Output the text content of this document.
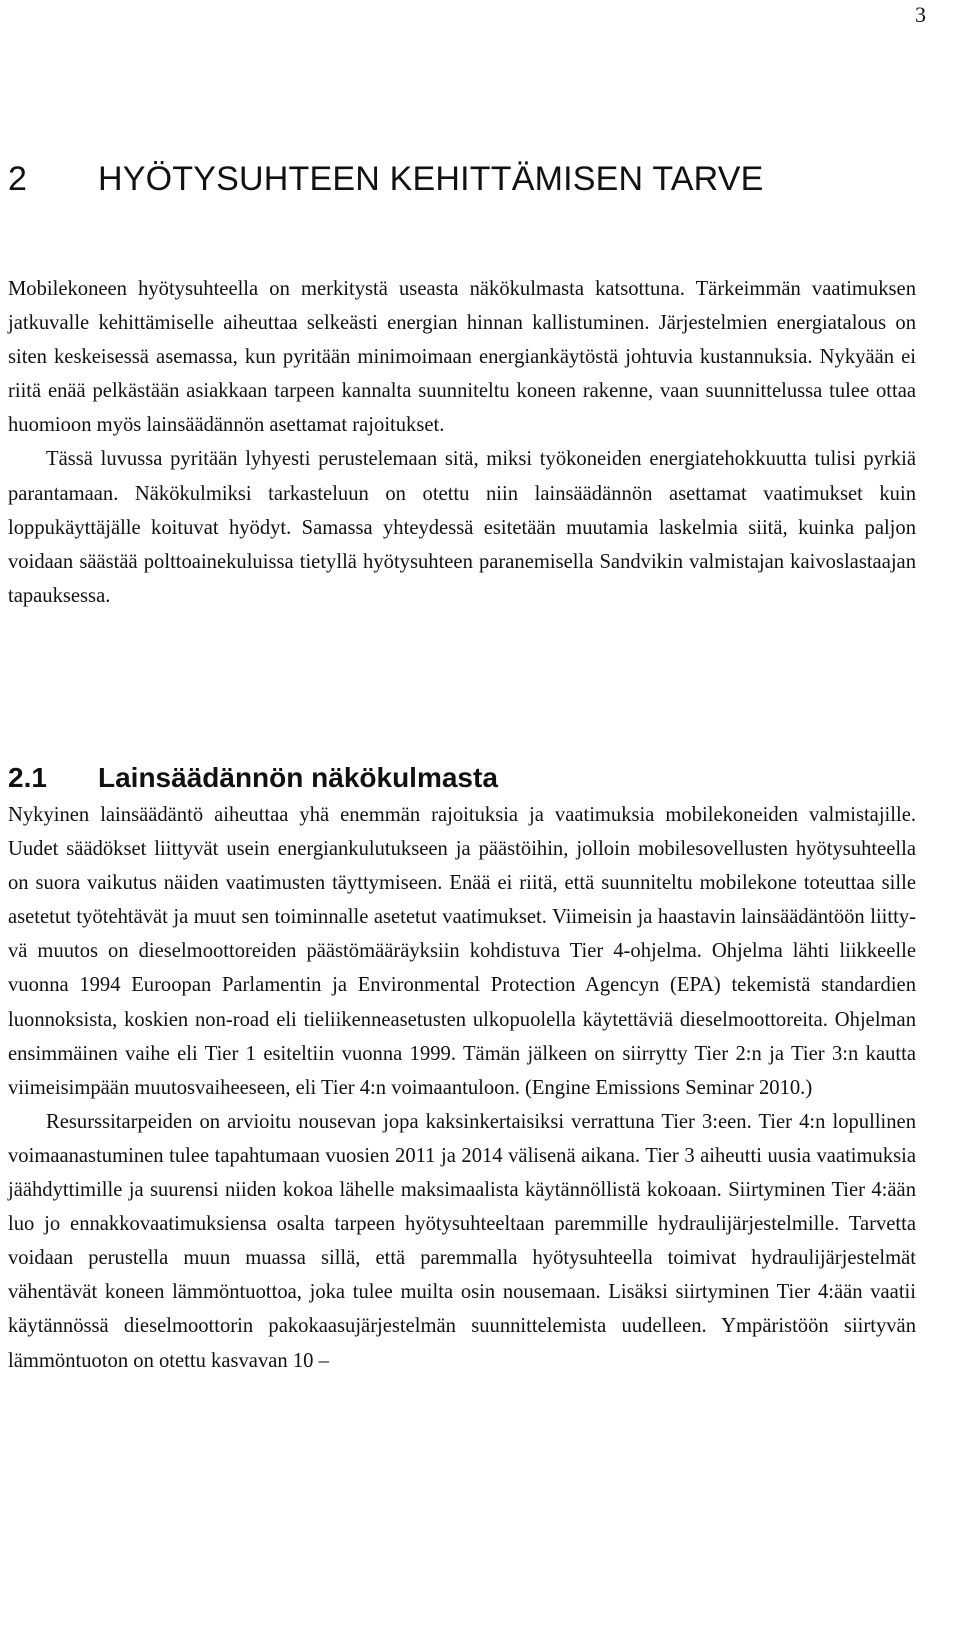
3

Mobilekoneen hyötysuhteella on merkitystä useasta näkökulmasta katsottuna. Tärkeimmän vaatimuksen jatkuvalle kehittämiselle aiheuttaa selkeästi energian hinnan kallistuminen. Järjestelmien energiatalous on siten keskeisessä asemassa, kun pyritään minimoimaan energiankäytöstä johtuvia kustannuksia. Nykyään ei riitä enää pelkästään asiakkaan tarpeen kannalta suunniteltu koneen rakenne, vaan suunnittelussa tulee ottaa huomioon myös lainsäädännön asettamat rajoitukset.

Tässä luvussa pyritään lyhyesti perustelemaan sitä, miksi työkoneiden energiatehokkuutta tulisi pyrkiä parantamaan. Näkökulmiksi tarkasteluun on otettu niin lainsäädännön asettamat vaatimukset kuin loppukäyttäjälle koituvat hyödyt. Samassa yhteydessä esitetään muutamia laskelmia siitä, kuinka paljon voidaan säästää polttoainekuluissa tietyllä hyötysuhteen paranemisella Sandvikin valmistajan kaivoslastaajan tapauksessa.

2	HYÖTYSUHTEEN KEHITTÄMISEN TARVE
2.1	Lainsäädännön näkökulmasta

Nykyinen lainsäädäntö aiheuttaa yhä enemmän rajoituksia ja vaatimuksia mobilekoneiden valmistajille. Uudet säädökset liittyvät usein energiankulutukseen ja päästöihin, jolloin mobilesovellusten hyötysuhteella on suora vaikutus näiden vaatimusten täyttymiseen. Enää ei riitä, että suunniteltu mobilekone toteuttaa sille asetetut työtehtävät ja muut sen toiminnalle asetetut vaatimukset. Viimeisin ja haastavin lainsäädäntöön liittyvä muutos on dieselmoottoreiden päästömääräyksiin kohdistuva Tier 4-ohjelma. Ohjelma lähti liikkeelle vuonna 1994 Euroopan Parlamentin ja Environmental Protection Agencyn (EPA) tekemistä standardien luonnoksista, koskien non-road eli tieliikenneasetusten ulkopuolella käytettäviä dieselmoottoreita. Ohjelman ensimmäinen vaihe eli Tier 1 esiteltiin vuonna 1999. Tämän jälkeen on siirrytty Tier 2:n ja Tier 3:n kautta viimeisimpään muutosvaiheeseen, eli Tier 4:n voimaantuloon. (Engine Emissions Seminar 2010.)

Resurssitarpeiden on arvioitu nousevan jopa kaksinkertaisiksi verrattuna Tier 3:een. Tier 4:n lopullinen voimaanastuminen tulee tapahtumaan vuosien 2011 ja 2014 välisenä aikana. Tier 3 aiheutti uusia vaatimuksia jäähdyttimille ja suurensi niiden kokoa lähelle maksimaalista käytännöllistä kokoaan. Siirtyminen Tier 4:ään luo jo ennakkovaatimuksiensa osalta tarpeen hyötysuhteeltaan paremmille hydraulijärjestelmille. Tarvetta voidaan perustella muun muassa sillä, että paremmalla hyötysuhteella toimivat hydraulijärjestelmät vähentävät koneen lämmöntuottoa, joka tulee muilta osin nousemaan. Lisäksi siirtyminen Tier 4:ään vaatii käytännössä dieselmoottorin pakokaasujärjestelmän suunnittelemista uudelleen. Ympäristöön siirtyvän lämmöntuoton on otettu kasvavan 10 –
